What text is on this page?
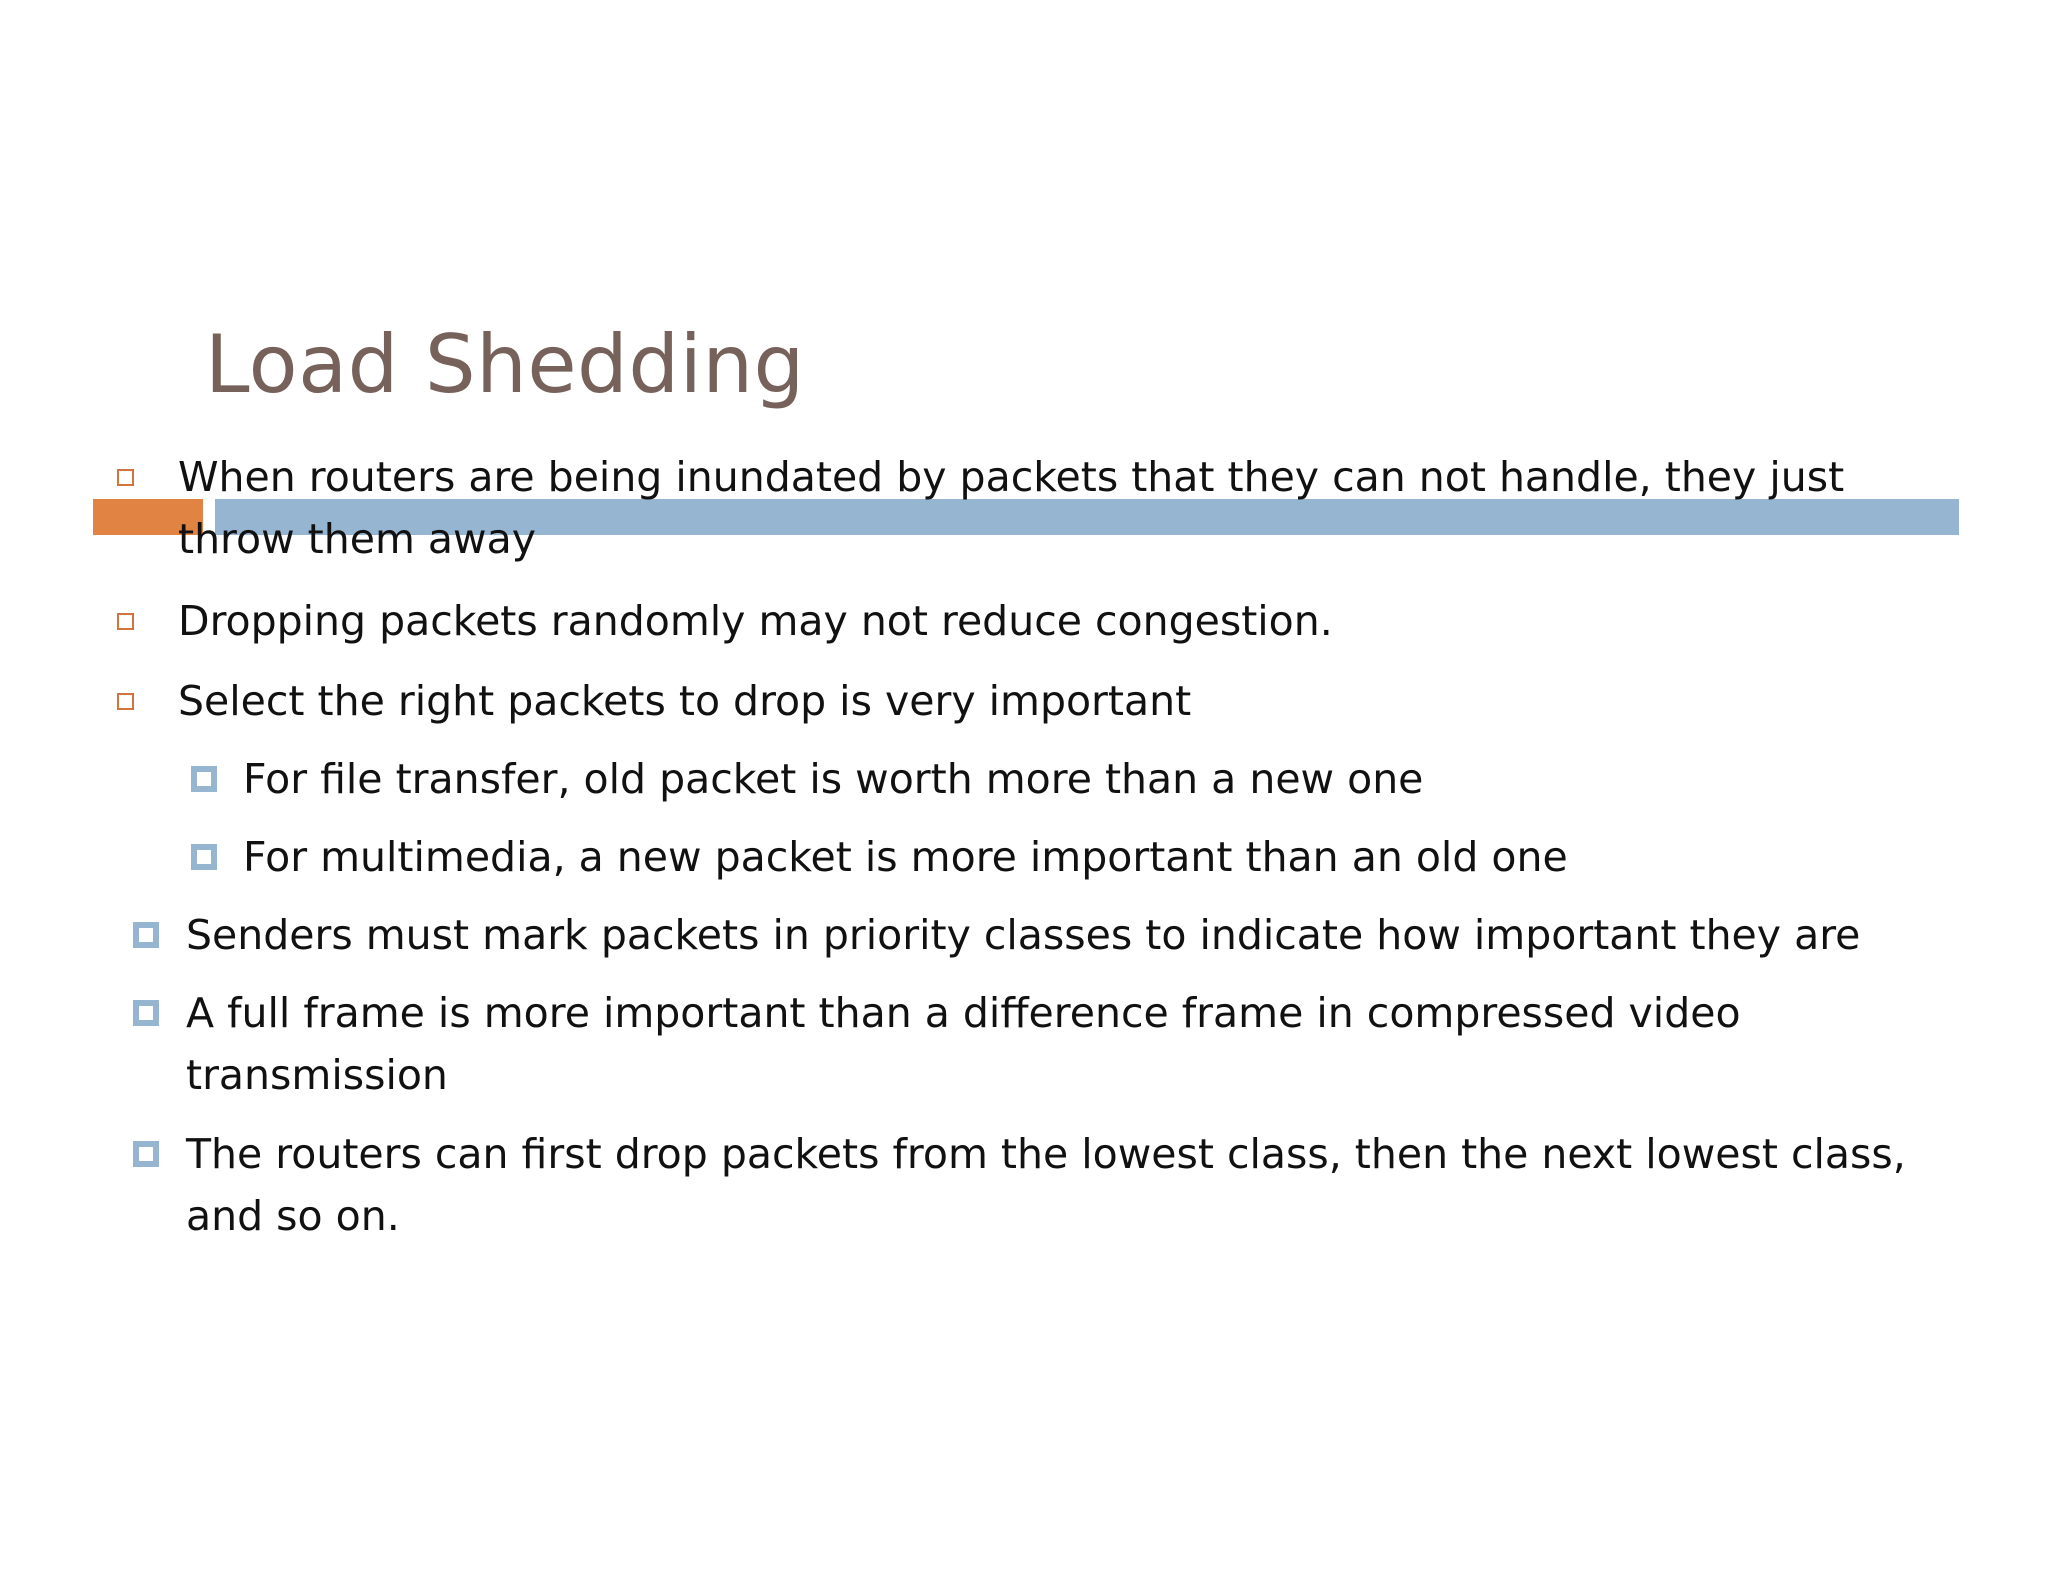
Load Shedding
When routers are being inundated by packets that they can not handle, they just
throw them away
Dropping packets randomly may not reduce congestion.
Select the right packets to drop is very important
For file transfer, old packet is worth more than a new one
For multimedia, a new packet is more important than an old one
Senders must mark packets in priority classes to indicate how important they are
A full frame is more important than a difference frame in compressed video
transmission
The routers can first drop packets from the lowest class, then the next lowest class,
and so on.
